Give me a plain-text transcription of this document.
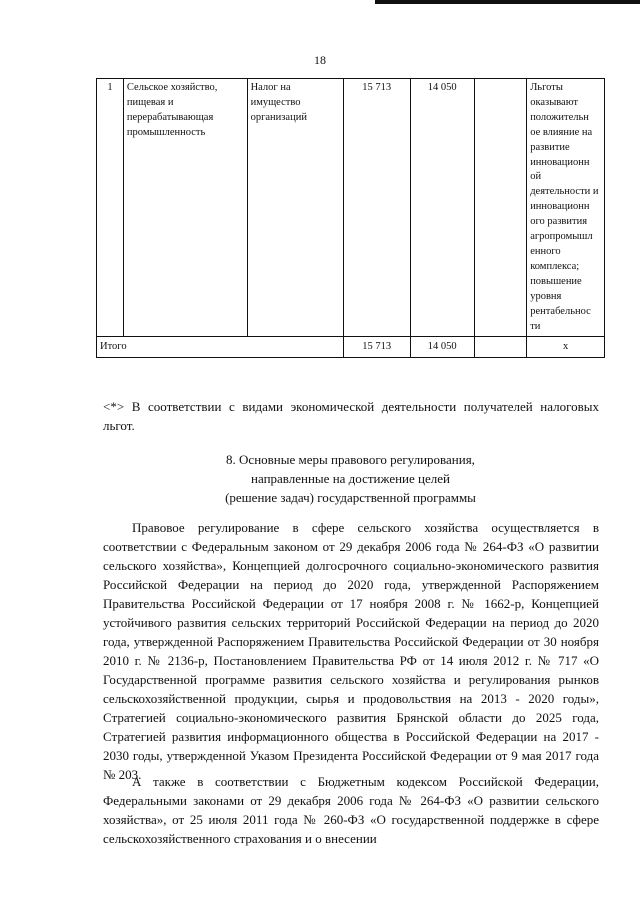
18
1	Сельское хозяйство, пищевая и перерабатывающая промышленность	Налог на имущество организаций	15 713	14 050		Льготы оказывают положительн ое влияние на развитие инновационн ой деятельности и инновационн ого развития агропромышл енного комплекса; повышение уровня рентабельнос ти
Итого			15 713	14 050		x
<*> В соответствии с видами экономической деятельности получателей налоговых льгот.
8. Основные меры правового регулирования,
направленные на достижение целей
(решение задач) государственной программы

Правовое регулирование в сфере сельского хозяйства осуществляется в соответствии с Федеральным законом от 29 декабря 2006 года № 264-ФЗ «О развитии сельского хозяйства», Концепцией долгосрочного социально-экономического развития Российской Федерации на период до 2020 года, утвержденной Распоряжением Правительства Российской Федерации от 17 ноября 2008 г. № 1662-р, Концепцией устойчивого развития сельских территорий Российской Федерации на период до 2020 года, утвержденной Распоряжением Правительства Российской Федерации от 30 ноября 2010 г. № 2136-р, Постановлением Правительства РФ от 14 июля 2012 г. № 717 «О Государственной программе развития сельского хозяйства и регулирования рынков сельскохозяйственной продукции, сырья и продовольствия на 2013 - 2020 годы», Стратегией социально-экономического развития Брянской области до 2025 года, Стратегией развития информационного общества в Российской Федерации на 2017 - 2030 годы, утвержденной Указом Президента Российской Федерации от 9 мая 2017 года № 203.

А также в соответствии с Бюджетным кодексом Российской Федерации, Федеральными законами от 29 декабря 2006 года № 264-ФЗ «О развитии сельского хозяйства», от 25 июля 2011 года № 260-ФЗ «О государственной поддержке в сфере сельскохозяйственного страхования и о внесении
